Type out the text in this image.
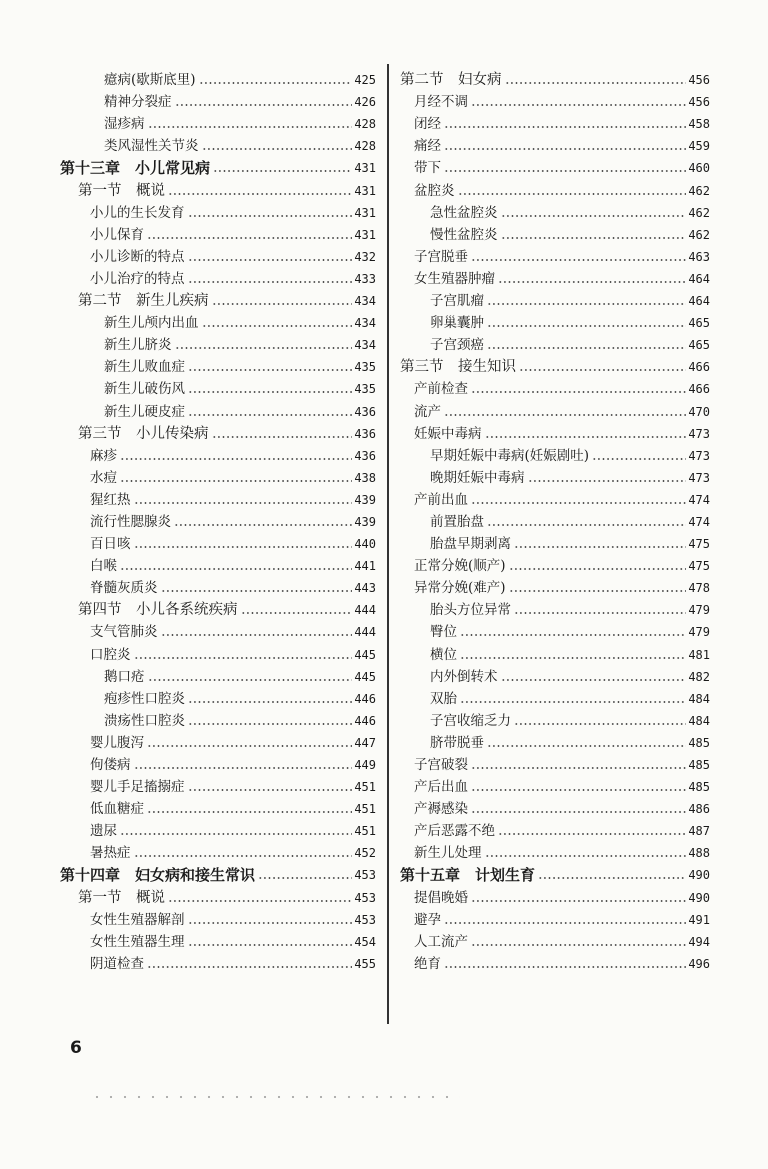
癔病(歇斯底里)	425
精神分裂症	426
湿疹病	428
类风湿性关节炎	428
第十三章　小儿常见病	431
第一节　概说	431
小儿的生长发育	431
小儿保育	431
小儿诊断的特点	432
小儿治疗的特点	433
第二节　新生儿疾病	434
新生儿颅内出血	434
新生儿脐炎	434
新生儿败血症	435
新生儿破伤风	435
新生儿硬皮症	436
第三节　小儿传染病	436
麻疹	436
水痘	438
猩红热	439
流行性腮腺炎	439
百日咳	440
白喉	441
脊髓灰质炎	443
第四节　小儿各系统疾病	444
支气管肺炎	444
口腔炎	445
鹅口疮	445
疱疹性口腔炎	446
溃疡性口腔炎	446
婴儿腹泻	447
佝偻病	449
婴儿手足搐搦症	451
低血糖症	451
遗尿	451
暑热症	452
第十四章　妇女病和接生常识	453
第一节　概说	453
女性生殖器解剖	453
女性生殖器生理	454
阴道检查	455
第二节　妇女病	456
月经不调	456
闭经	458
痛经	459
带下	460
盆腔炎	462
急性盆腔炎	462
慢性盆腔炎	462
子宫脱垂	463
女生殖器肿瘤	464
子宫肌瘤	464
卵巢囊肿	465
子宫颈癌	465
第三节　接生知识	466
产前检查	466
流产	470
妊娠中毒病	473
早期妊娠中毒病(妊娠剧吐)	473
晚期妊娠中毒病	473
产前出血	474
前置胎盘	474
胎盘早期剥离	475
正常分娩(顺产)	475
异常分娩(难产)	478
胎头方位异常	479
臀位	479
横位	481
内外倒转术	482
双胎	484
子宫收缩乏力	484
脐带脱垂	485
子宫破裂	485
产后出血	485
产褥感染	486
产后恶露不绝	487
新生儿处理	488
第十五章　计划生育	490
提倡晚婚	490
避孕	491
人工流产	494
绝育	496
6
